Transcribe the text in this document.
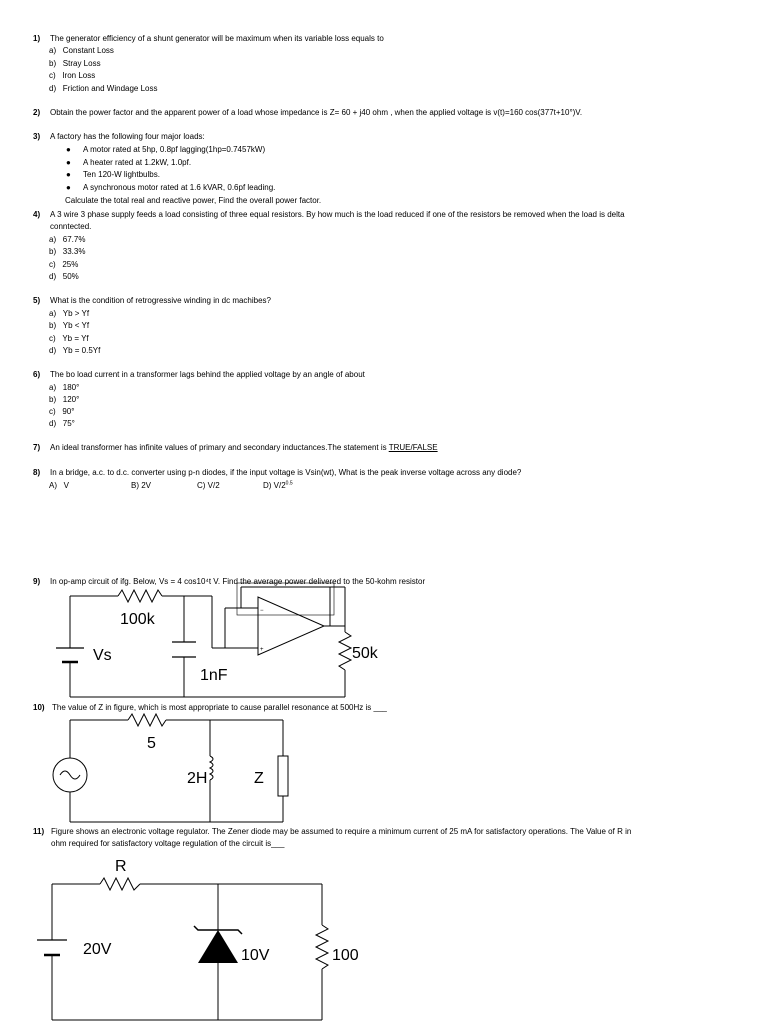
1) The generator efficiency of a shunt generator will be maximum when its variable loss equals to
a)   Constant Loss
b)   Stray Loss
c)   Iron Loss
d)   Friction and Windage Loss
2) Obtain the power factor and the apparent power of a load whose impedance is Z= 60 + j40 ohm , when the applied voltage is v(t)=160 cos(377t+10°)V.
3) A factory has the following four major loads:
● A motor rated at 5hp, 0.8pf lagging(1hp=0.7457kW)
● A heater rated at 1.2kW, 1.0pf.
● Ten 120-W lightbulbs.
● A synchronous motor rated at 1.6 kVAR, 0.6pf leading.
Calculate the total real and reactive power, Find the overall power factor.
4) A 3 wire 3 phase supply feeds a load consisting of three equal resistors. By how much is the load reduced if one of the resistors be removed when the load is delta
conntected.
a)   67.7%
b)   33.3%
c)   25%
d)   50%
5) What is the condition of retrogressive winding in dc machibes?
a)   Yb > Yf
b)   Yb < Yf
c)   Yb = Yf
d)   Yb = 0.5Yf
6) The bo load current in a transformer lags behind the applied voltage by an angle of about
a)   180°
b)   120°
c)   90°
d)   75°
7) An ideal transformer has infinite values of primary and secondary inductances.The statement is TRUE/FALSE
8) In a bridge, a.c. to d.c. converter using p-n diodes, if the input voltage is Vsin(wt), What is the peak inverse voltage across any diode?
A)   V	B) 2V	C) V/2	D) $V/2^{0.5}$
9) In op-amp circuit of ifg. Below, Vs = 4 cos10⁴t V. Find the average power delivered to the 50-kohm resistor
−
+
100k
Vs
1nF
50k
10) The value of Z in figure, which is most appropriate to cause parallel resonance at 500Hz is ___
5
2H	Z
11) Figure shows an electronic voltage regulator. The Zener diode may be assumed to require a minimum current of 25 mA for satisfactory operations. The Value of R in
ohm required for satisfactory voltage regulation of the circuit is___
R
20V	10V	100
